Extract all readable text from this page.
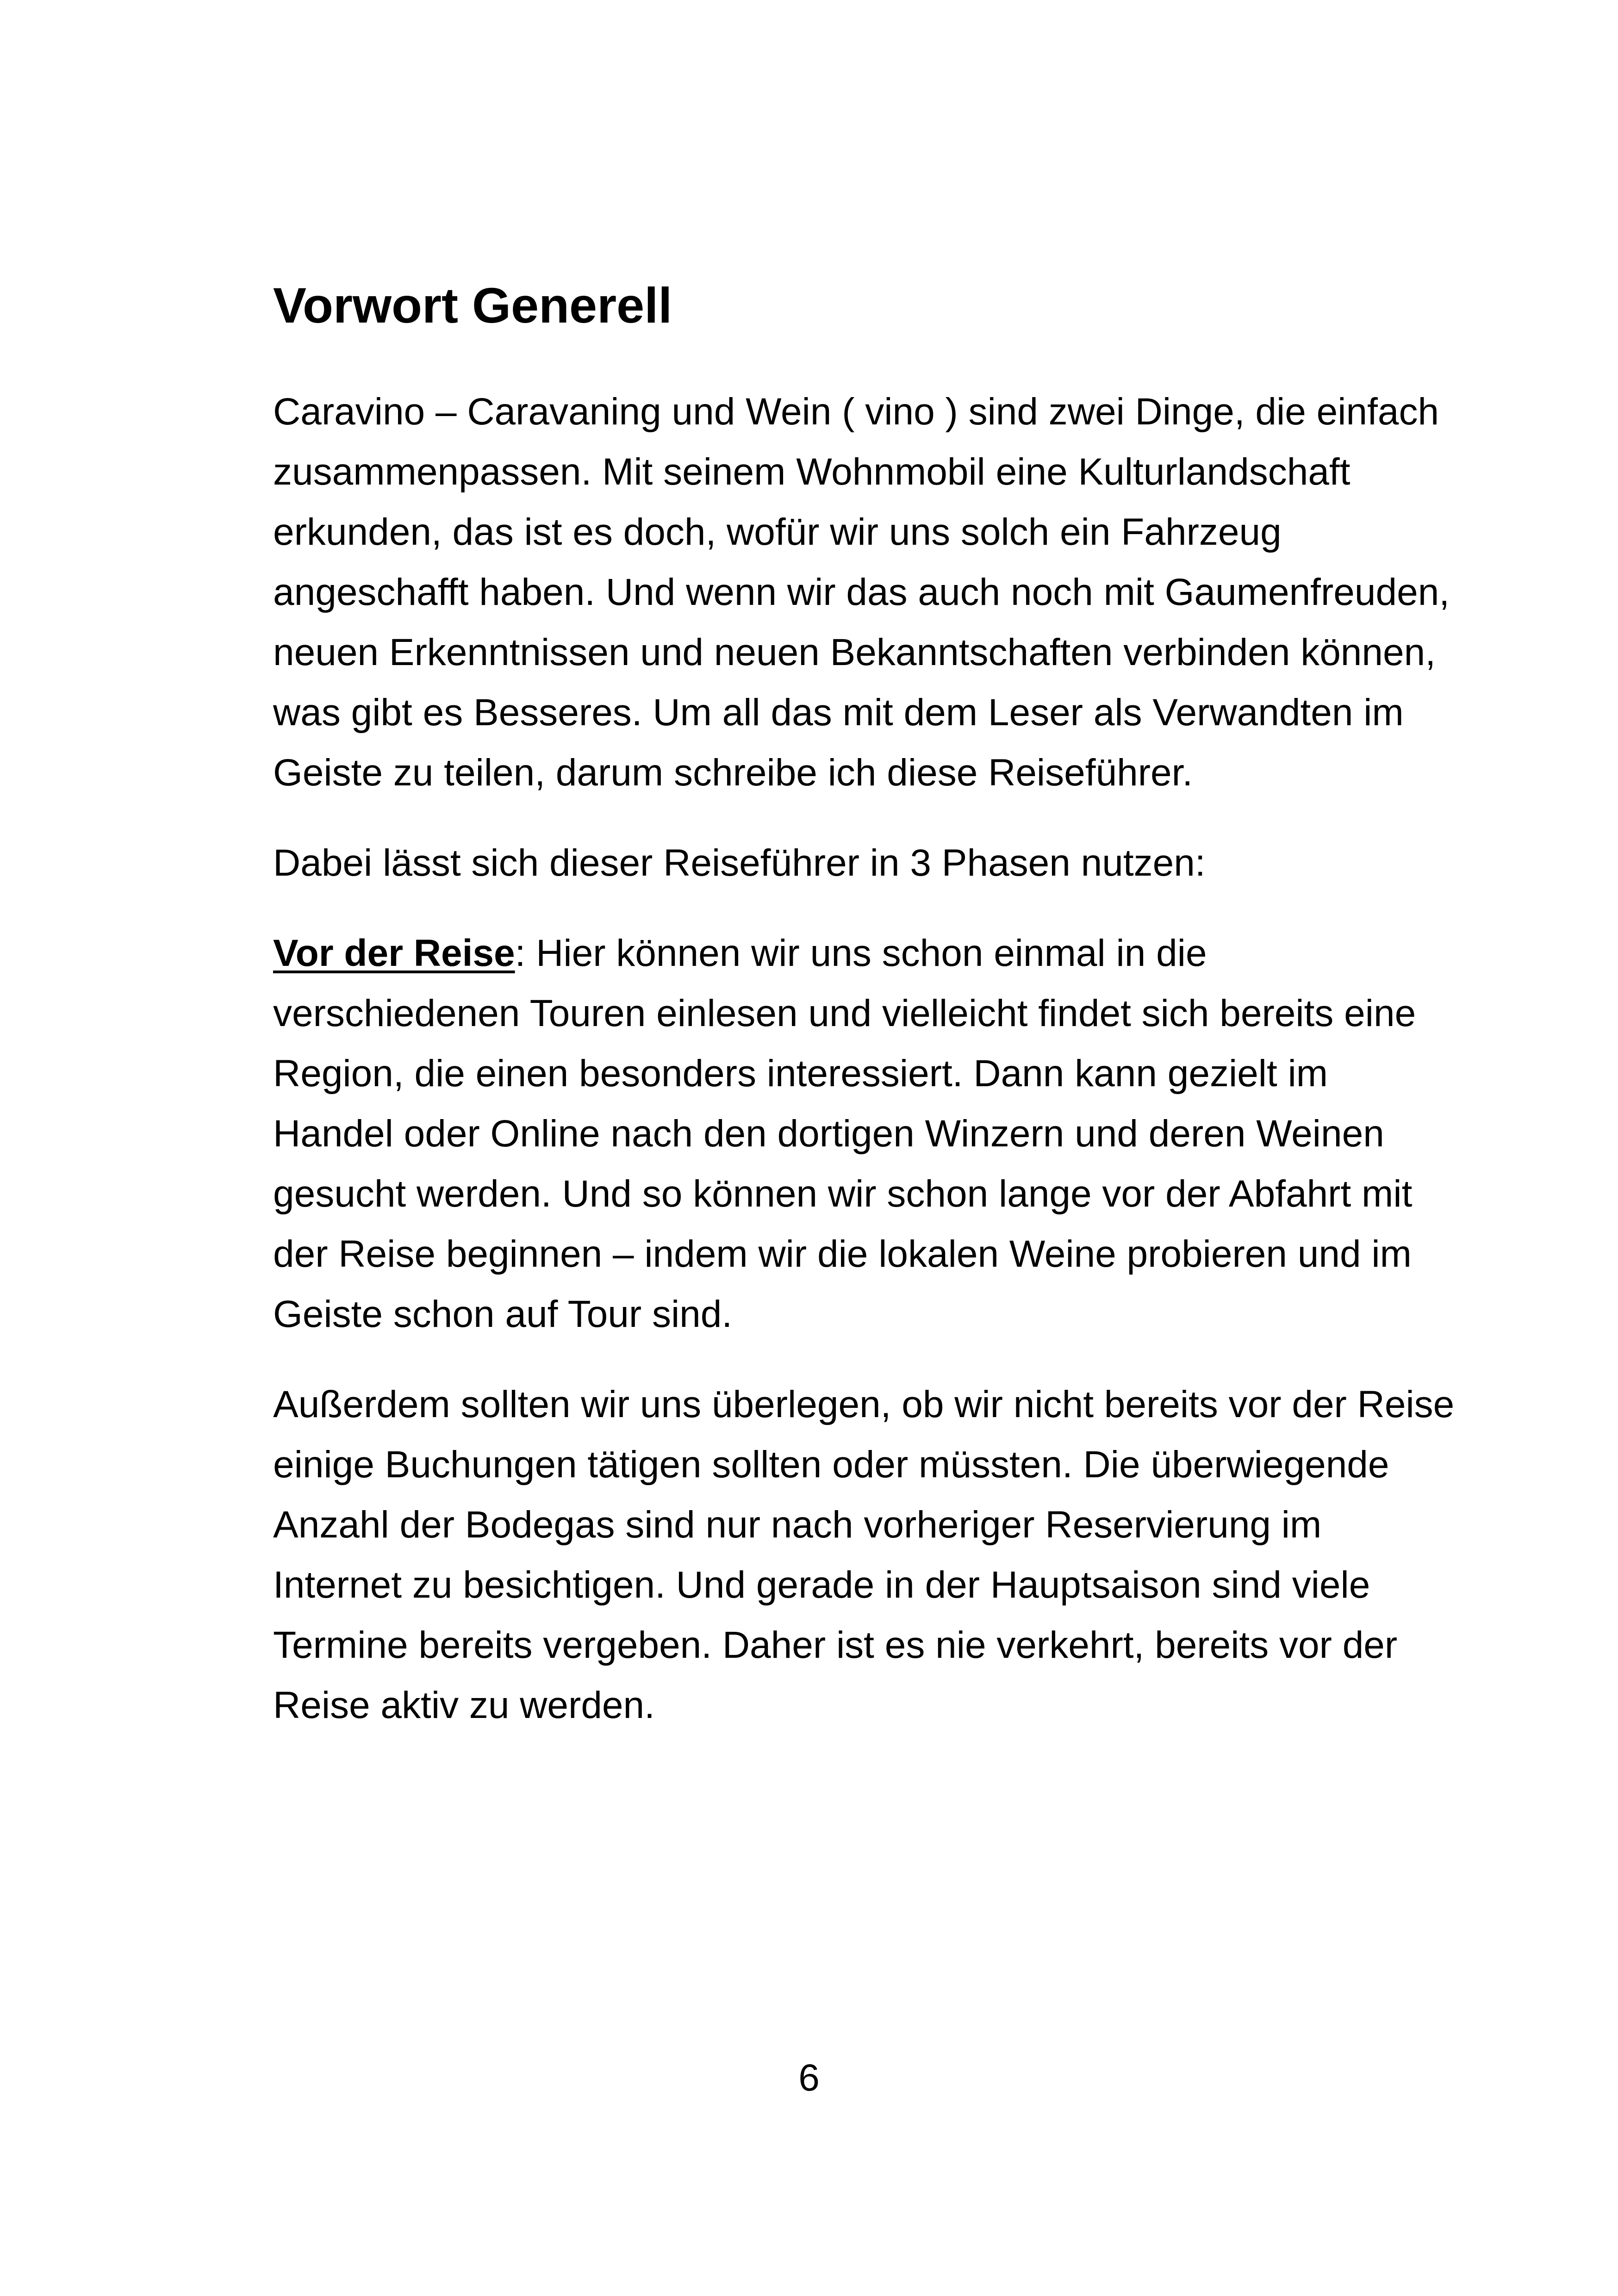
Vorwort Generell

Caravino – Caravaning und Wein ( vino ) sind zwei Dinge, die einfach zusammenpassen. Mit seinem Wohnmobil eine Kulturlandschaft erkunden, das ist es doch, wofür wir uns solch ein Fahrzeug angeschafft haben. Und wenn wir das auch noch mit Gaumenfreuden, neuen Erkenntnissen und neuen Bekanntschaften verbinden können, was gibt es Besseres. Um all das mit dem Leser als Verwandten im Geiste zu teilen, darum schreibe ich diese Reiseführer.

Dabei lässt sich dieser Reiseführer in 3 Phasen nutzen:

Vor der Reise: Hier können wir uns schon einmal in die verschiedenen Touren einlesen und vielleicht findet sich bereits eine Region, die einen besonders interessiert. Dann kann gezielt im Handel oder Online nach den dortigen Winzern und deren Weinen gesucht werden. Und so können wir schon lange vor der Abfahrt mit der Reise beginnen – indem wir die lokalen Weine probieren und im Geiste schon auf Tour sind.

Außerdem sollten wir uns überlegen, ob wir nicht bereits vor der Reise einige Buchungen tätigen sollten oder müssten. Die überwiegende Anzahl der Bodegas sind nur nach vorheriger Reservierung im Internet zu besichtigen. Und gerade in der Hauptsaison sind viele Termine bereits vergeben. Daher ist es nie verkehrt, bereits vor der Reise aktiv zu werden.

6
